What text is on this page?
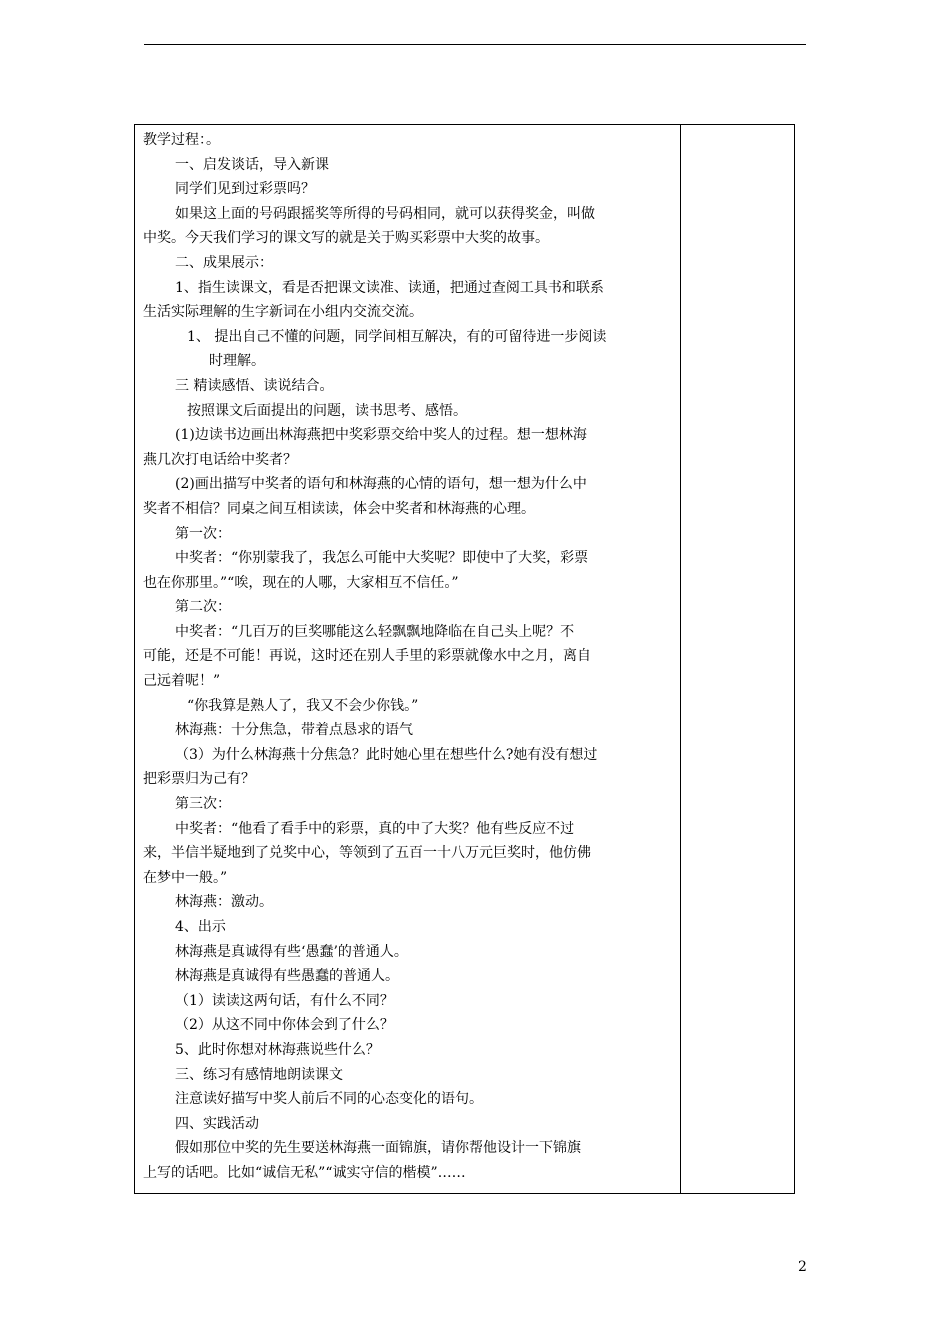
教学过程：。
一、启发谈话，导入新课
同学们见到过彩票吗？
如果这上面的号码跟摇奖等所得的号码相同，就可以获得奖金，叫做
中奖。今天我们学习的课文写的就是关于购买彩票中大奖的故事。
二、成果展示：
1、指生读课文，看是否把课文读准、读通，把通过查阅工具书和联系
生活实际理解的生字新词在小组内交流交流。
1、 提出自己不懂的问题，同学间相互解决，有的可留待进一步阅读
时理解。
三 精读感悟、读说结合。
按照课文后面提出的问题，读书思考、感悟。
(1)边读书边画出林海燕把中奖彩票交给中奖人的过程。想一想林海
燕几次打电话给中奖者？
(2)画出描写中奖者的语句和林海燕的心情的语句，想一想为什么中
奖者不相信？同桌之间互相读读，体会中奖者和林海燕的心理。
第一次：
中奖者：“你别蒙我了，我怎么可能中大奖呢？即使中了大奖，彩票
也在你那里。”“唉，现在的人哪，大家相互不信任。”
第二次：
中奖者：“几百万的巨奖哪能这么轻飘飘地降临在自己头上呢？不
可能，还是不可能！再说，这时还在别人手里的彩票就像水中之月，离自
己远着呢！”
“你我算是熟人了，我又不会少你钱。”
林海燕：十分焦急，带着点恳求的语气
（3）为什么林海燕十分焦急？此时她心里在想些什么?她有没有想过
把彩票归为己有？
第三次：
中奖者：“他看了看手中的彩票，真的中了大奖？他有些反应不过
来，半信半疑地到了兑奖中心，等领到了五百一十八万元巨奖时，他仿佛
在梦中一般。”
林海燕：激动。
4、出示
林海燕是真诚得有些‘愚蠢’的普通人。
林海燕是真诚得有些愚蠢的普通人。
（1）读读这两句话，有什么不同？
（2）从这不同中你体会到了什么？
5、此时你想对林海燕说些什么？
三、练习有感情地朗读课文
注意读好描写中奖人前后不同的心态变化的语句。
四、实践活动
假如那位中奖的先生要送林海燕一面锦旗，请你帮他设计一下锦旗
上写的话吧。比如“诚信无私”“诚实守信的楷模”……
2
